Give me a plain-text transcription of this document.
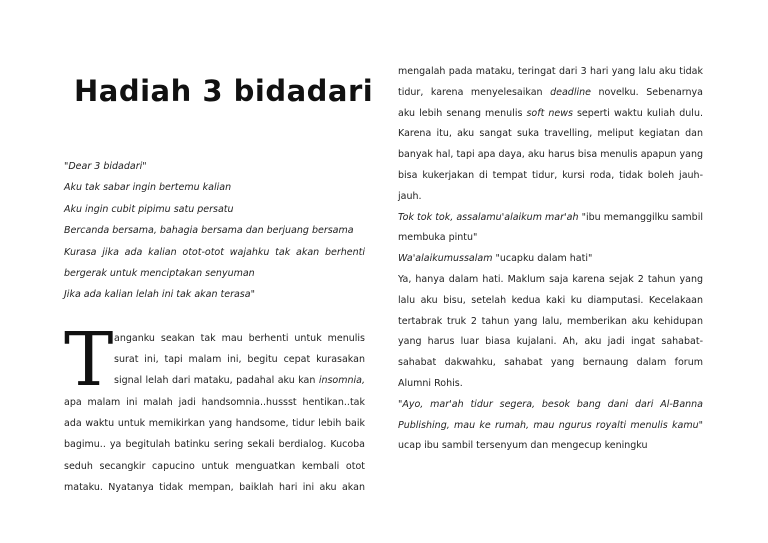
Hadiah 3 bidadari

"Dear 3 bidadari"

Aku tak sabar ingin bertemu kalian

Aku ingin cubit pipimu satu persatu

Bercanda bersama, bahagia bersama dan berjuang bersama

Kurasa jika ada kalian otot-otot wajahku tak akan berhenti

bergerak untuk menciptakan senyuman

Jika ada kalian lelah ini tak akan terasa"

T anganku seakan tak mau berhenti untuk menulis

surat ini, tapi malam ini, begitu cepat kurasakan

signal lelah dari mataku, padahal aku kan insomnia,

apa malam ini malah jadi handsomnia..hussst hentikan..tak

ada waktu untuk memikirkan yang handsome, tidur lebih baik

bagimu.. ya begitulah batinku sering sekali berdialog. Kucoba

seduh secangkir capucino untuk menguatkan kembali otot

mataku. Nyatanya tidak mempan, baiklah hari ini aku akan

mengalah pada mataku, teringat dari 3 hari yang lalu aku tidak

tidur, karena menyelesaikan deadline novelku. Sebenarnya

aku lebih senang menulis soft news seperti waktu kuliah dulu.

Karena itu, aku sangat suka travelling, meliput kegiatan dan

banyak hal, tapi apa daya, aku harus bisa menulis apapun yang

bisa kukerjakan di tempat tidur, kursi roda, tidak boleh jauh-

jauh.

Tok tok tok, assalamu'alaikum mar'ah "ibu memanggilku sambil

membuka pintu"

Wa'alaikumussalam "ucapku dalam hati"

Ya, hanya dalam hati. Maklum saja karena sejak 2 tahun yang

lalu aku bisu, setelah kedua kaki ku diamputasi. Kecelakaan

tertabrak truk 2 tahun yang lalu, memberikan aku kehidupan

yang harus luar biasa kujalani. Ah, aku jadi ingat sahabat-

sahabat dakwahku, sahabat yang bernaung dalam forum

Alumni Rohis.

"Ayo, mar'ah tidur segera, besok bang dani dari Al-Banna

Publishing, mau ke rumah, mau ngurus royalti menulis kamu"

ucap ibu sambil tersenyum dan mengecup keningku
